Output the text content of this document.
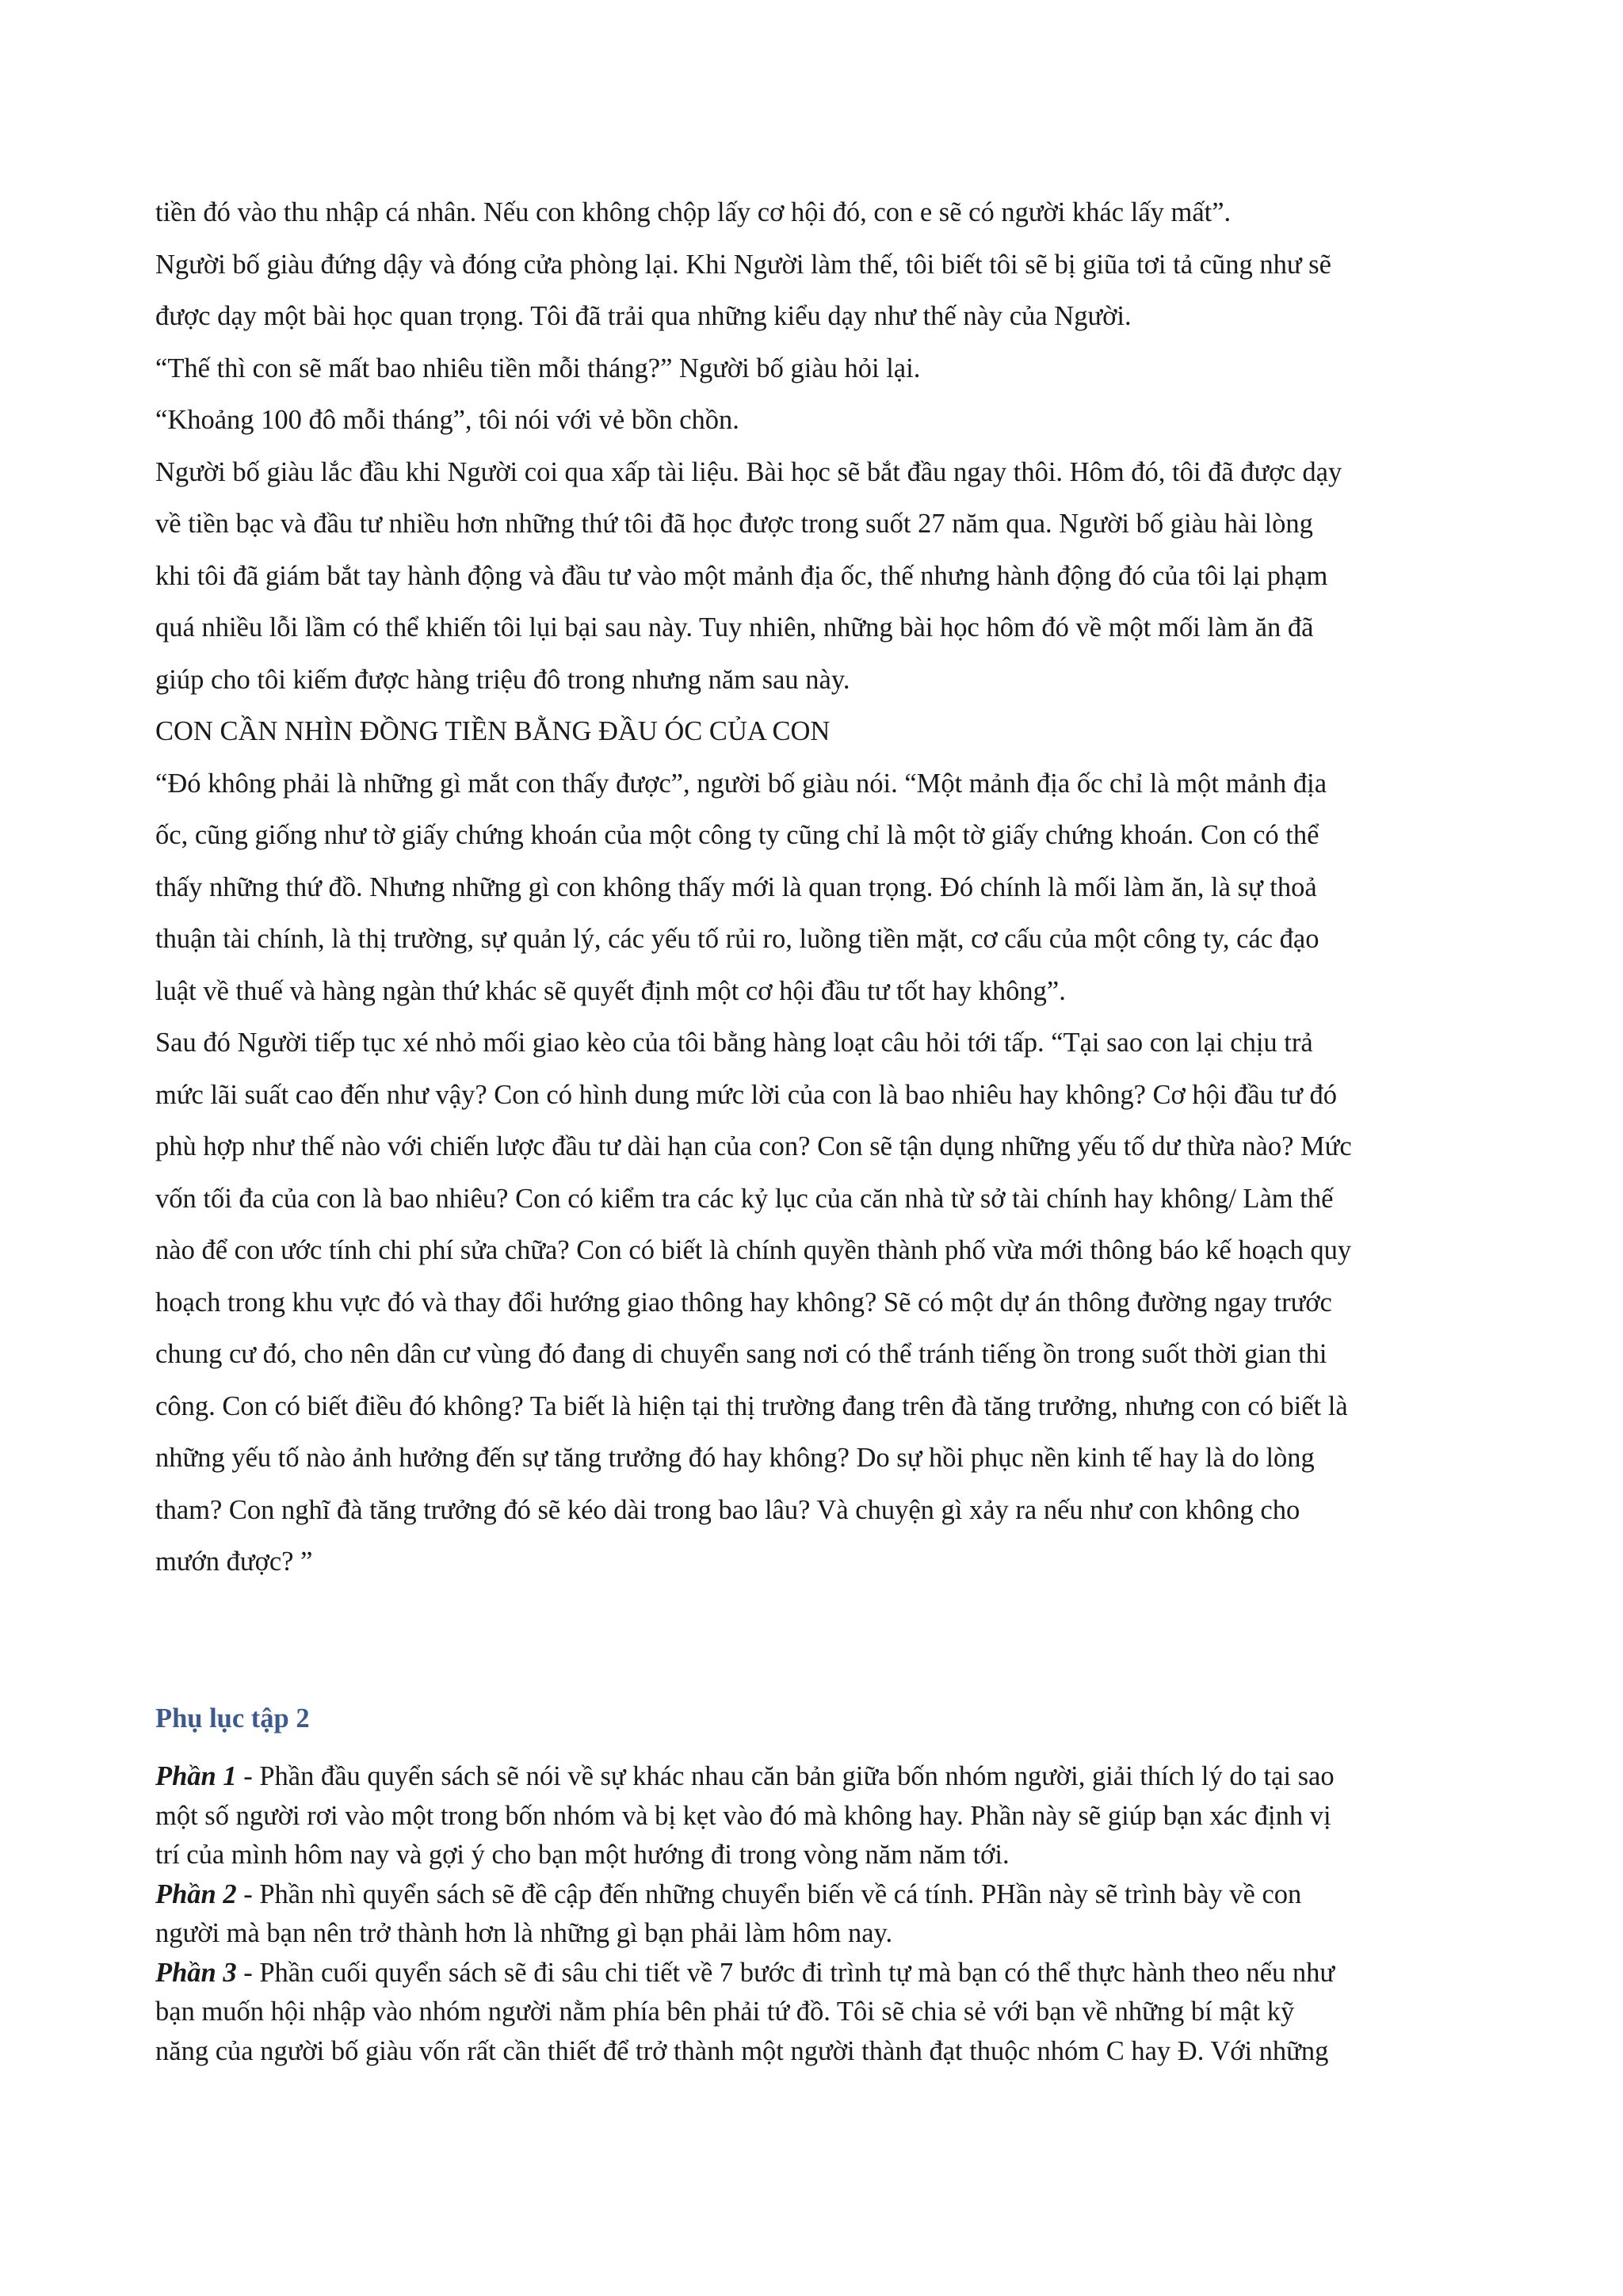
tiền đó vào thu nhập cá nhân. Nếu con không chộp lấy cơ hội đó, con e sẽ có người khác lấy mất”.

Người bố giàu đứng dậy và đóng cửa phòng lại. Khi Người làm thế, tôi biết tôi sẽ bị giũa tơi tả cũng như sẽ

được dạy một bài học quan trọng. Tôi đã trải qua những kiểu dạy như thế này của Người.

“Thế thì con sẽ mất bao nhiêu tiền mỗi tháng?” Người bố giàu hỏi lại.

“Khoảng 100 đô mỗi tháng”, tôi nói với vẻ bồn chồn.

Người bố giàu lắc đầu khi Người coi qua xấp tài liệu. Bài học sẽ bắt đầu ngay thôi. Hôm đó, tôi đã được dạy

về tiền bạc và đầu tư nhiều hơn những thứ tôi đã học được trong suốt 27 năm qua. Người bố giàu hài lòng

khi tôi đã giám bắt tay hành động và đầu tư vào một mảnh địa ốc, thế nhưng hành động đó của tôi lại phạm

quá nhiều lỗi lầm có thể khiến tôi lụi bại sau này. Tuy nhiên, những bài học hôm đó về một mối làm ăn đã

giúp cho tôi kiếm được hàng triệu đô trong nhưng năm sau này.

CON CẦN NHÌN ĐỒNG TIỀN BẰNG ĐẦU ÓC CỦA CON

“Đó không phải là những gì mắt con thấy được”, người bố giàu nói. “Một mảnh địa ốc chỉ là một mảnh địa

ốc, cũng giống như tờ giấy chứng khoán của một công ty cũng chỉ là một tờ giấy chứng khoán. Con có thể

thấy những thứ đồ. Nhưng những gì con không thấy mới là quan trọng. Đó chính là mối làm ăn, là sự thoả

thuận tài chính, là thị trường, sự quản lý, các yếu tố rủi ro, luồng tiền mặt, cơ cấu của một công ty, các đạo

luật về thuế và hàng ngàn thứ khác sẽ quyết định một cơ hội đầu tư tốt hay không”.

Sau đó Người tiếp tục xé nhỏ mối giao kèo của tôi bằng hàng loạt câu hỏi tới tấp. “Tại sao con lại chịu trả

mức lãi suất cao đến như vậy? Con có hình dung mức lời của con là bao nhiêu hay không? Cơ hội đầu tư đó

phù hợp như thế nào với chiến lược đầu tư dài hạn của con? Con sẽ tận dụng những yếu tố dư thừa nào? Mức

vốn tối đa của con là bao nhiêu? Con có kiểm tra các kỷ lục của căn nhà từ sở tài chính hay không/ Làm thế

nào để con ước tính chi phí sửa chữa? Con có biết là chính quyền thành phố vừa mới thông báo kế hoạch quy

hoạch trong khu vực đó và thay đổi hướng giao thông hay không? Sẽ có một dự án thông đường ngay trước

chung cư đó, cho nên dân cư vùng đó đang di chuyển sang nơi có thể tránh tiếng ồn trong suốt thời gian thi

công. Con có biết điều đó không? Ta biết là hiện tại thị trường đang trên đà tăng trưởng, nhưng con có biết là

những yếu tố nào ảnh hưởng đến sự tăng trưởng đó hay không? Do sự hồi phục nền kinh tế hay là do lòng

tham? Con nghĩ đà tăng trưởng đó sẽ kéo dài trong bao lâu? Và chuyện gì xảy ra nếu như con không cho

mướn được? ”

Phụ lục tập 2

Phần 1 - Phần đầu quyển sách sẽ nói về sự khác nhau căn bản giữa bốn nhóm người, giải thích lý do tại sao

một số người rơi vào một trong bốn nhóm và bị kẹt vào đó mà không hay. Phần này sẽ giúp bạn xác định vị

trí của mình hôm nay và gợi ý cho bạn một hướng đi trong vòng năm năm tới.

Phần 2 - Phần nhì quyển sách sẽ đề cập đến những chuyển biến về cá tính. PHần này sẽ trình bày về con

người mà bạn nên trở thành hơn là những gì bạn phải làm hôm nay.

Phần 3 - Phần cuối quyển sách sẽ đi sâu chi tiết về 7 bước đi trình tự mà bạn có thể thực hành theo nếu như

bạn muốn hội nhập vào nhóm người nằm phía bên phải tứ đồ. Tôi sẽ chia sẻ với bạn về những bí mật kỹ

năng của người bố giàu vốn rất cần thiết để trở thành một người thành đạt thuộc nhóm C hay Đ. Với những
